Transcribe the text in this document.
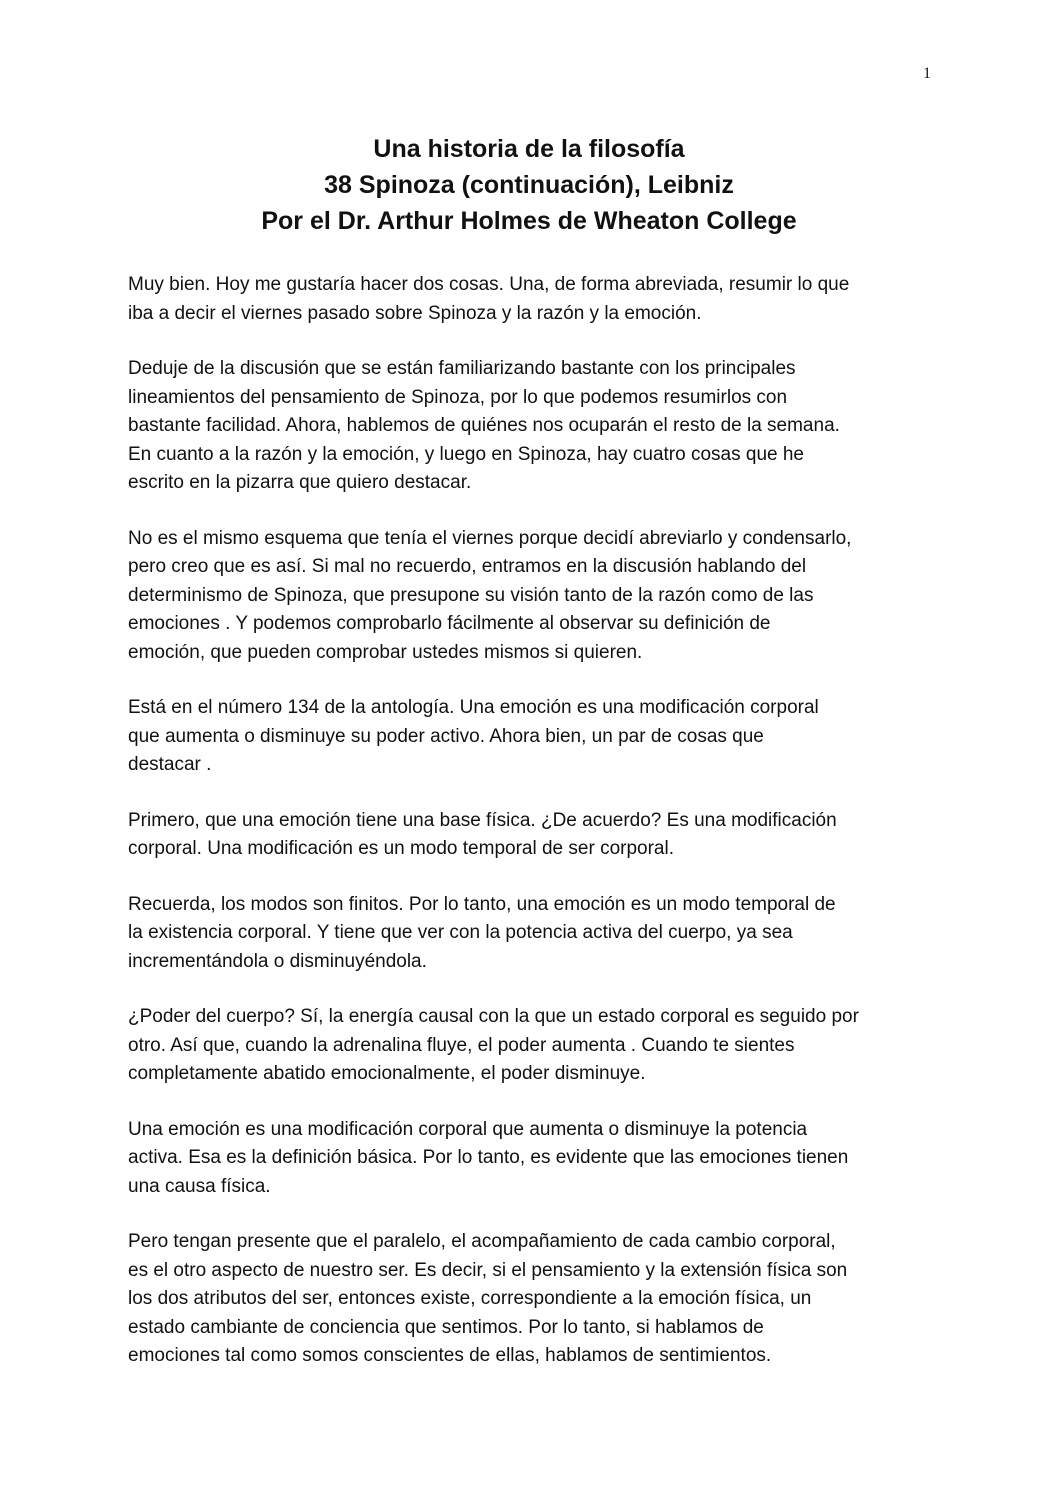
1
Una historia de la filosofía
38 Spinoza (continuación), Leibniz
Por el Dr. Arthur Holmes de Wheaton College

Muy bien. Hoy me gustaría hacer dos cosas. Una, de forma abreviada, resumir lo que
iba a decir el viernes pasado sobre Spinoza y la razón y la emoción.

Deduje de la discusión que se están familiarizando bastante con los principales
lineamientos del pensamiento de Spinoza, por lo que podemos resumirlos con
bastante facilidad. Ahora, hablemos de quiénes nos ocuparán el resto de la semana.
En cuanto a la razón y la emoción, y luego en Spinoza, hay cuatro cosas que he
escrito en la pizarra que quiero destacar.

No es el mismo esquema que tenía el viernes porque decidí abreviarlo y condensarlo,
pero creo que es así. Si mal no recuerdo, entramos en la discusión hablando del
determinismo de Spinoza, que presupone su visión tanto de la razón como de las
emociones . Y podemos comprobarlo fácilmente al observar su definición de
emoción, que pueden comprobar ustedes mismos si quieren.

Está en el número 134 de la antología. Una emoción es una modificación corporal
que aumenta o disminuye su poder activo. Ahora bien, un par de cosas que
destacar .

Primero, que una emoción tiene una base física. ¿De acuerdo? Es una modificación
corporal. Una modificación es un modo temporal de ser corporal.

Recuerda, los modos son finitos. Por lo tanto, una emoción es un modo temporal de
la existencia corporal. Y tiene que ver con la potencia activa del cuerpo, ya sea
incrementándola o disminuyéndola.

¿Poder del cuerpo? Sí, la energía causal con la que un estado corporal es seguido por
otro. Así que, cuando la adrenalina fluye, el poder aumenta . Cuando te sientes
completamente abatido emocionalmente, el poder disminuye.

Una emoción es una modificación corporal que aumenta o disminuye la potencia
activa. Esa es la definición básica. Por lo tanto, es evidente que las emociones tienen
una causa física.

Pero tengan presente que el paralelo, el acompañamiento de cada cambio corporal,
es el otro aspecto de nuestro ser. Es decir, si el pensamiento y la extensión física son
los dos atributos del ser, entonces existe, correspondiente a la emoción física, un
estado cambiante de conciencia que sentimos. Por lo tanto, si hablamos de
emociones tal como somos conscientes de ellas, hablamos de sentimientos.
